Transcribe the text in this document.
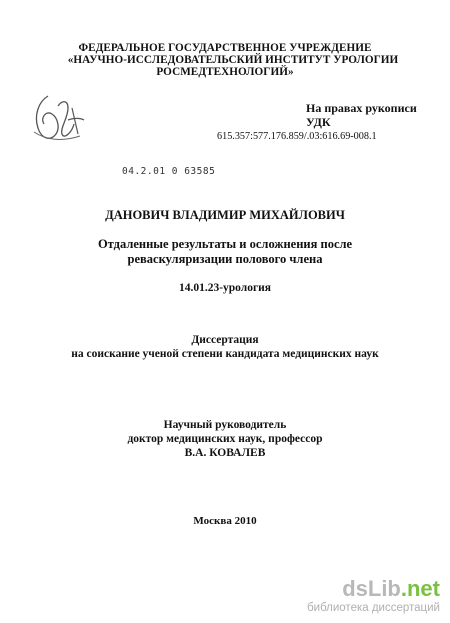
ФЕДЕРАЛЬНОЕ ГОСУДАРСТВЕННОЕ УЧРЕЖДЕНИЕ
«НАУЧНО-ИССЛЕДОВАТЕЛЬСКИЙ ИНСТИТУТ УРОЛОГИИ
РОСМЕДТЕХНОЛОГИЙ»
На правах рукописи
УДК
615.357:577.176.859/.03:616.69-008.1
04.2.01 0 63585
ДАНОВИЧ ВЛАДИМИР МИХАЙЛОВИЧ
Отдаленные результаты и осложнения после
реваскуляризации полового члена
14.01.23-урология
Диссертация
на соискание ученой степени кандидата медицинских наук
Научный руководитель
доктор медицинских наук, профессор
В.А. КОВАЛЕВ
Москва 2010
dsLib.net
библиотека диссертаций
